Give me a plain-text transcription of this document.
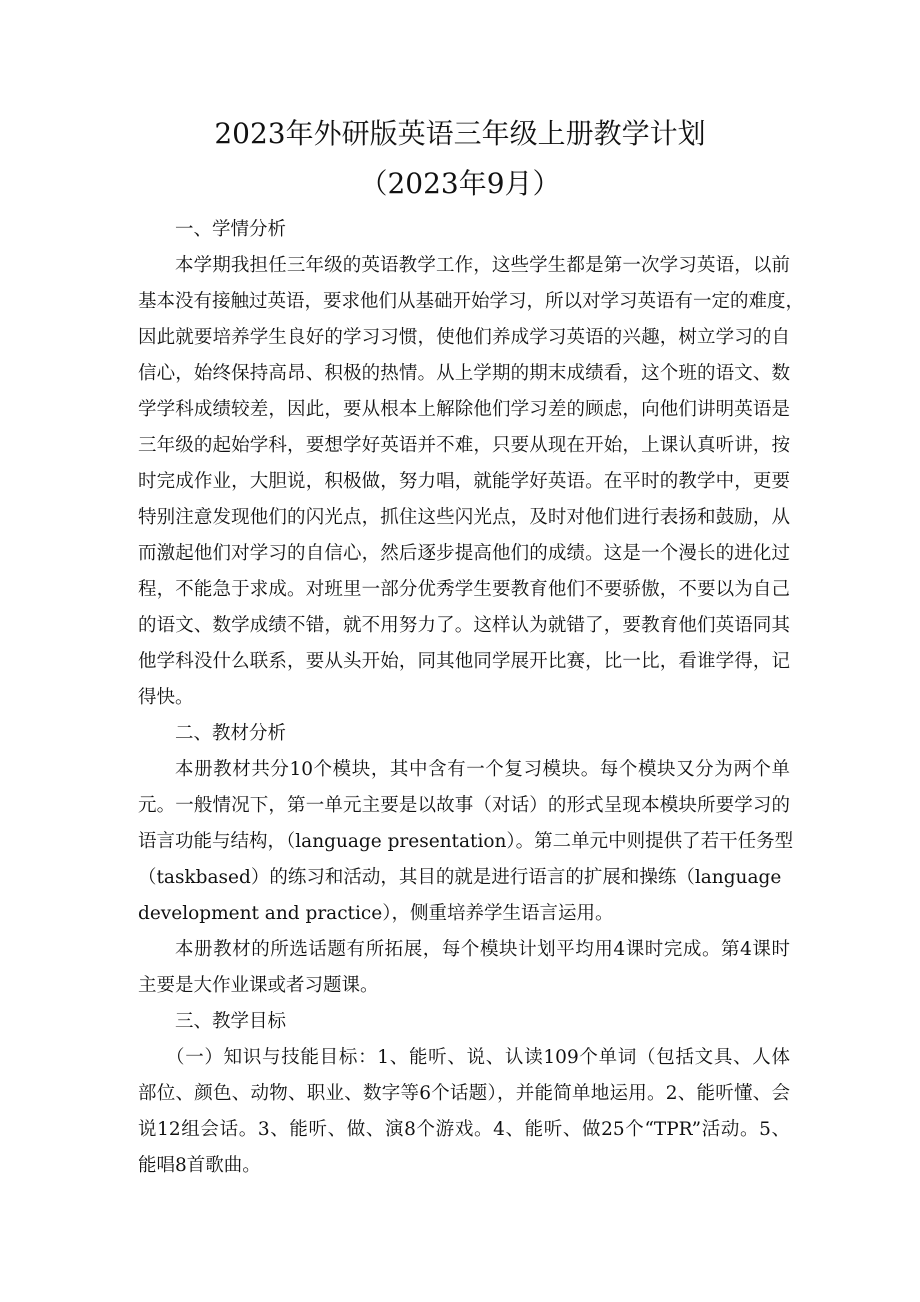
2023年外研版英语三年级上册教学计划
（2023年9月）
一、学情分析
本学期我担任三年级的英语教学工作，这些学生都是第一次学习英语，以前
基本没有接触过英语，要求他们从基础开始学习，所以对学习英语有一定的难度，
因此就要培养学生良好的学习习惯，使他们养成学习英语的兴趣，树立学习的自
信心，始终保持高昂、积极的热情。从上学期的期末成绩看，这个班的语文、数
学学科成绩较差，因此，要从根本上解除他们学习差的顾虑，向他们讲明英语是
三年级的起始学科，要想学好英语并不难，只要从现在开始，上课认真听讲，按
时完成作业，大胆说，积极做，努力唱，就能学好英语。在平时的教学中，更要
特别注意发现他们的闪光点，抓住这些闪光点，及时对他们进行表扬和鼓励，从
而激起他们对学习的自信心，然后逐步提高他们的成绩。这是一个漫长的进化过
程，不能急于求成。对班里一部分优秀学生要教育他们不要骄傲，不要以为自己
的语文、数学成绩不错，就不用努力了。这样认为就错了，要教育他们英语同其
他学科没什么联系，要从头开始，同其他同学展开比赛，比一比，看谁学得，记
得快。
二、教材分析
本册教材共分10个模块，其中含有一个复习模块。每个模块又分为两个单
元。一般情况下，第一单元主要是以故事（对话）的形式呈现本模块所要学习的
语言功能与结构，（language presentation）。第二单元中则提供了若干任务型
（taskbased）的练习和活动，其目的就是进行语言的扩展和操练（language
development and practice），侧重培养学生语言运用。
本册教材的所选话题有所拓展，每个模块计划平均用4课时完成。第4课时
主要是大作业课或者习题课。
三、教学目标
（一）知识与技能目标：1、能听、说、认读109个单词（包括文具、人体
部位、颜色、动物、职业、数字等6个话题），并能简单地运用。2、能听懂、会
说12组会话。3、能听、做、演8个游戏。4、能听、做25个“TPR”活动。5、
能唱8首歌曲。
